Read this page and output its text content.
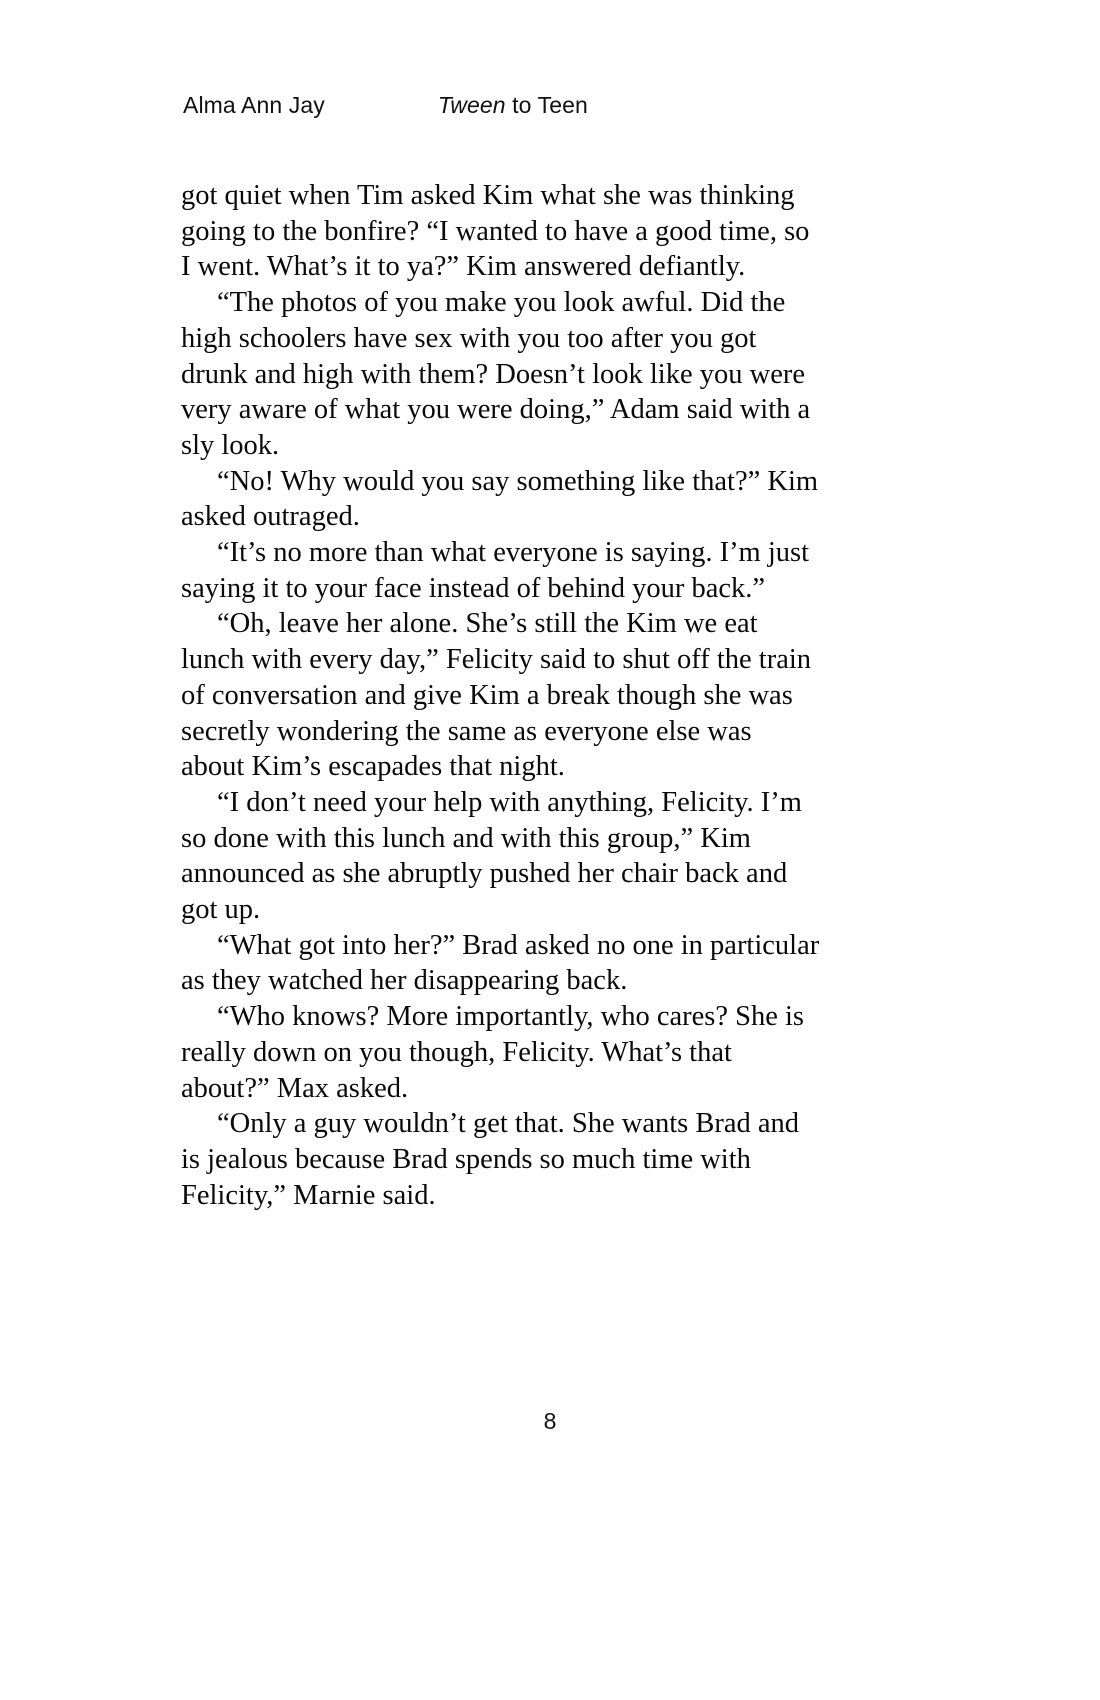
Alma Ann Jay	Tween to Teen

got quiet when Tim asked Kim what she was thinking going to the bonfire? “I wanted to have a good time, so I went. What’s it to ya?” Kim answered defiantly.

“The photos of you make you look awful. Did the high schoolers have sex with you too after you got drunk and high with them? Doesn’t look like you were very aware of what you were doing,” Adam said with a sly look.

“No! Why would you say something like that?” Kim asked outraged.

“It’s no more than what everyone is saying. I’m just saying it to your face instead of behind your back.”

“Oh, leave her alone. She’s still the Kim we eat lunch with every day,” Felicity said to shut off the train of conversation and give Kim a break though she was secretly wondering the same as everyone else was about Kim’s escapades that night.

“I don’t need your help with anything, Felicity. I’m so done with this lunch and with this group,” Kim announced as she abruptly pushed her chair back and got up.

“What got into her?” Brad asked no one in particular as they watched her disappearing back.

“Who knows? More importantly, who cares? She is really down on you though, Felicity. What’s that about?” Max asked.

“Only a guy wouldn’t get that. She wants Brad and is jealous because Brad spends so much time with Felicity,” Marnie said.

8
